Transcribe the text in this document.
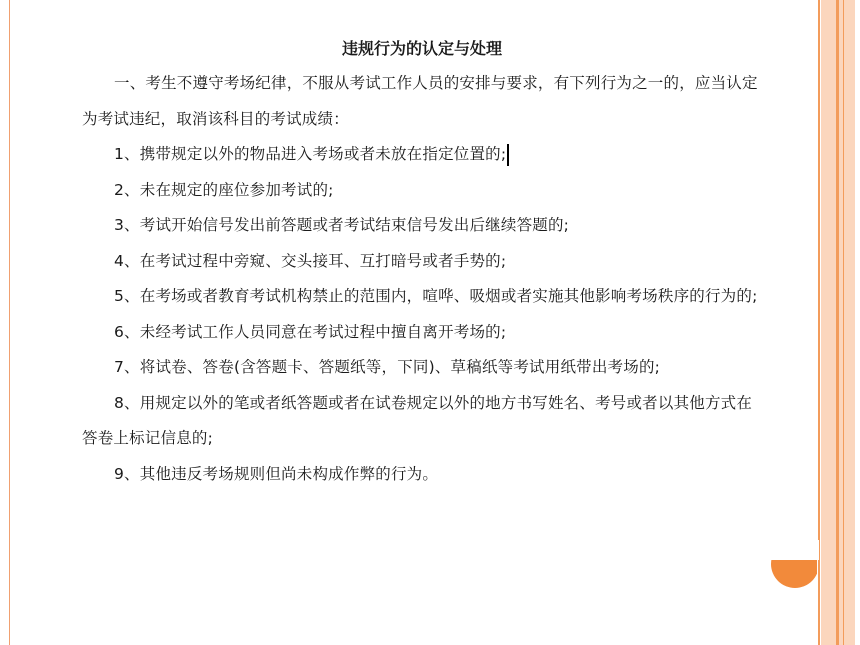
违规行为的认定与处理

一、考生不遵守考场纪律，不服从考试工作人员的安排与要求，有下列行为之一的，应当认定为考试违纪，取消该科目的考试成绩：

1、携带规定以外的物品进入考场或者未放在指定位置的;

2、未在规定的座位参加考试的;

3、考试开始信号发出前答题或者考试结束信号发出后继续答题的;

4、在考试过程中旁窥、交头接耳、互打暗号或者手势的;

5、在考场或者教育考试机构禁止的范围内，喧哗、吸烟或者实施其他影响考场秩序的行为的;

6、未经考试工作人员同意在考试过程中擅自离开考场的;

7、将试卷、答卷(含答题卡、答题纸等，下同)、草稿纸等考试用纸带出考场的;

8、用规定以外的笔或者纸答题或者在试卷规定以外的地方书写姓名、考号或者以其他方式在答卷上标记信息的;

9、其他违反考场规则但尚未构成作弊的行为。
